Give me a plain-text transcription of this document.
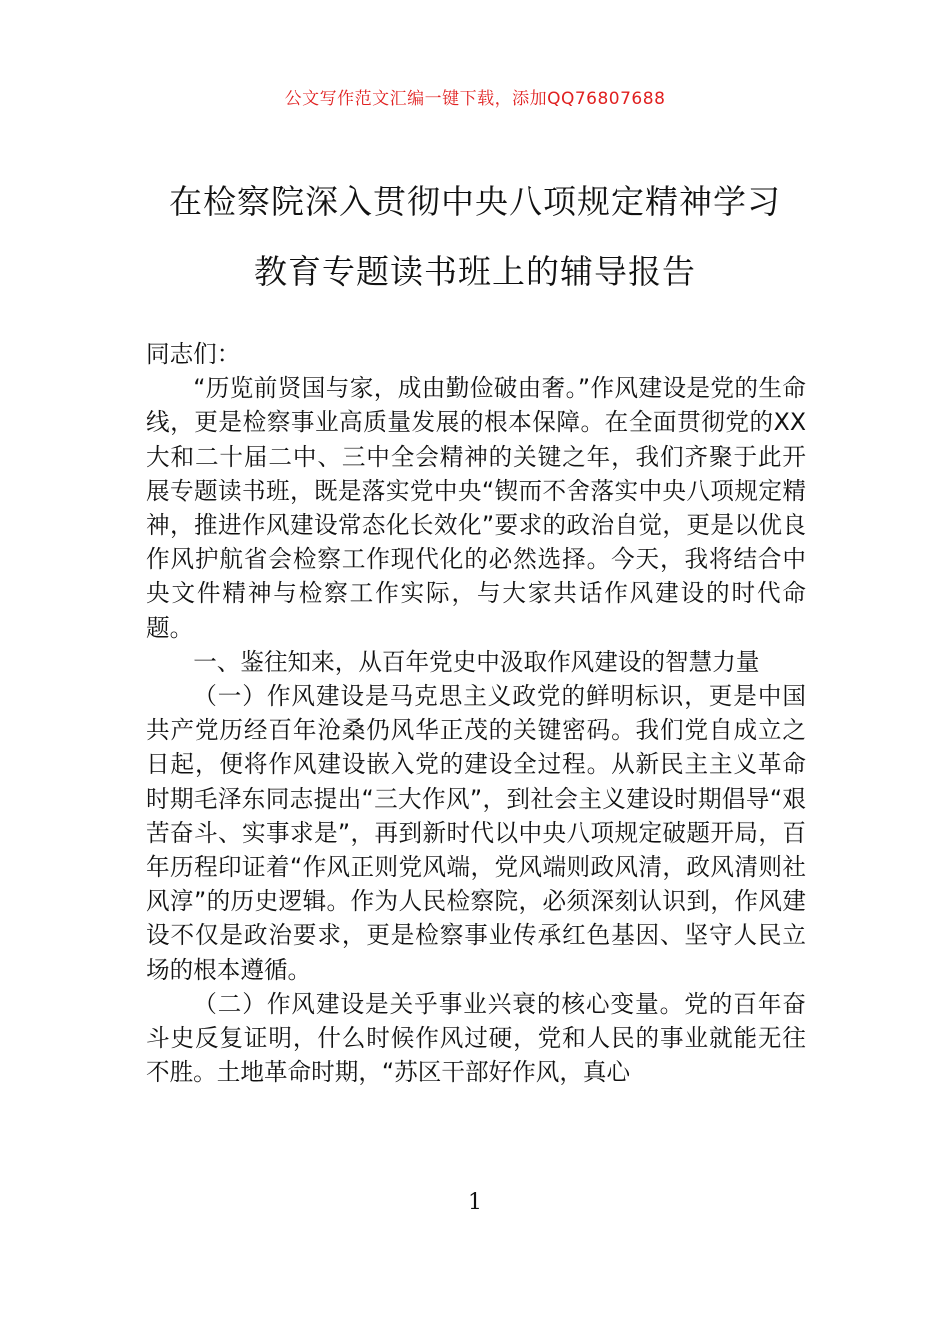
公文写作范文汇编一键下载，添加QQ76807688
在检察院深入贯彻中央八项规定精神学习
教育专题读书班上的辅导报告

同志们：

“历览前贤国与家，成由勤俭破由奢。”作风建设是党的生命线，更是检察事业高质量发展的根本保障。在全面贯彻党的XX大和二十届二中、三中全会精神的关键之年，我们齐聚于此开展专题读书班，既是落实党中央“锲而不舍落实中央八项规定精神，推进作风建设常态化长效化”要求的政治自觉，更是以优良作风护航省会检察工作现代化的必然选择。今天，我将结合中央文件精神与检察工作实际，与大家共话作风建设的时代命题。

一、鉴往知来，从百年党史中汲取作风建设的智慧力量

（一）作风建设是马克思主义政党的鲜明标识，更是中国共产党历经百年沧桑仍风华正茂的关键密码。我们党自成立之日起，便将作风建设嵌入党的建设全过程。从新民主主义革命时期毛泽东同志提出“三大作风”，到社会主义建设时期倡导“艰苦奋斗、实事求是”，再到新时代以中央八项规定破题开局，百年历程印证着“作风正则党风端，党风端则政风清，政风清则社风淳”的历史逻辑。作为人民检察院，必须深刻认识到，作风建设不仅是政治要求，更是检察事业传承红色基因、坚守人民立场的根本遵循。

（二）作风建设是关乎事业兴衰的核心变量。党的百年奋斗史反复证明，什么时候作风过硬，党和人民的事业就能无往不胜。土地革命时期，“苏区干部好作风，真心

1
